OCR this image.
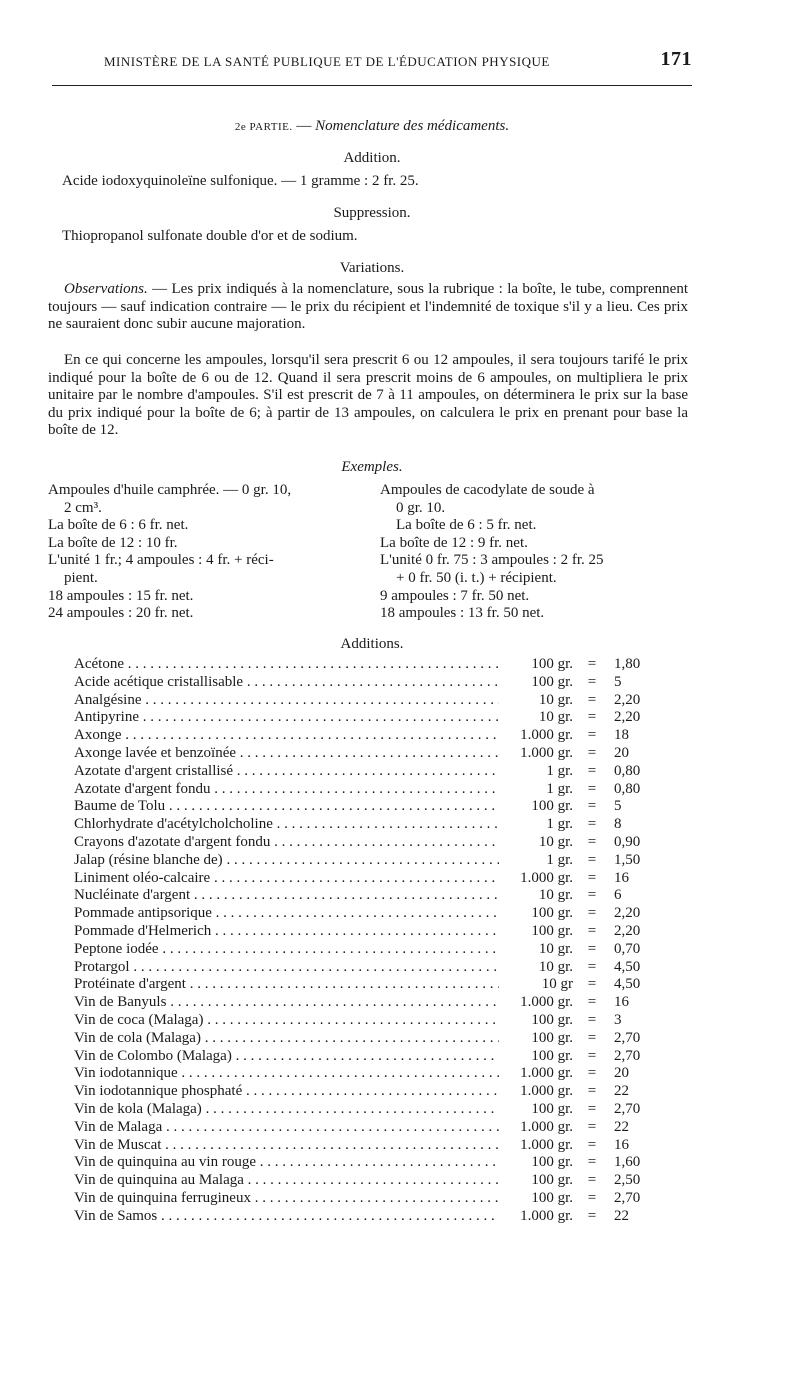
MINISTÈRE DE LA SANTÉ PUBLIQUE ET DE L'ÉDUCATION PHYSIQUE	171
2e PARTIE. — Nomenclature des médicaments.
Addition.
Acide iodoxyquinoleïne sulfonique. — 1 gramme : 2 fr. 25.
Suppression.
Thiopropanol sulfonate double d'or et de sodium.
Variations.
Observations. — Les prix indiqués à la nomenclature, sous la rubrique : la boîte, le tube, comprennent toujours — sauf indication contraire — le prix du récipient et l'indemnité de toxique s'il y a lieu. Ces prix ne sauraient donc subir aucune majoration.
En ce qui concerne les ampoules, lorsqu'il sera prescrit 6 ou 12 ampoules, il sera toujours tarifé le prix indiqué pour la boîte de 6 ou de 12. Quand il sera prescrit moins de 6 ampoules, on multipliera le prix unitaire par le nombre d'ampoules. S'il est prescrit de 7 à 11 ampoules, on déterminera le prix sur la base du prix indiqué pour la boîte de 6; à partir de 13 ampoules, on calculera le prix en prenant pour base la boîte de 12.
Exemples.
Ampoules d'huile camphrée. — 0 gr. 10,
2 cm³.
La boîte de 6 : 6 fr. net.
La boîte de 12 : 10 fr.
L'unité 1 fr.; 4 ampoules : 4 fr. + réci-
pient.
18 ampoules : 15 fr. net.
24 ampoules : 20 fr. net.
Ampoules de cacodylate de soude à
0 gr. 10.
La boîte de 6 : 5 fr. net.
La boîte de 12 : 9 fr. net.
L'unité 0 fr. 75 : 3 ampoules : 2 fr. 25
+ 0 fr. 50 (i. t.) + récipient.
9 ampoules : 7 fr. 50 net.
18 ampoules : 13 fr. 50 net.
Additions.
Acétone . . .	100 gr. =	1,80
Acide acétique cristallisable . . .	100 gr. =	5
Analgésine . . .	10 gr. =	2,20
Antipyrine . . .	10 gr. =	2,20
Axonge . . .	1.000 gr. =	18
Axonge lavée et benzoïnée . . .	1.000 gr. =	20
Azotate d'argent cristallisé . . .	1 gr. =	0,80
Azotate d'argent fondu . . .	1 gr. =	0,80
Baume de Tolu . . .	100 gr. =	5
Chlorhydrate d'acétylcholcholine . . .	1 gr. =	8
Crayons d'azotate d'argent fondu . . .	10 gr. =	0,90
Jalap (résine blanche de) . . .	1 gr. =	1,50
Liniment oléo-calcaire . . .	1.000 gr. =	16
Nucléinate d'argent . . .	10 gr. =	6
Pommade antipsorique . . .	100 gr. =	2,20
Pommade d'Helmerich . . .	100 gr. =	2,20
Peptone iodée . . .	10 gr. =	0,70
Protargol . . .	10 gr. =	4,50
Protéinate d'argent . . .	10 gr =	4,50
Vin de Banyuls . . .	1.000 gr. =	16
Vin de coca (Malaga) . . .	100 gr. =	3
Vin de cola (Malaga) . . .	100 gr. =	2,70
Vin de Colombo (Malaga) . . .	100 gr. =	2,70
Vin iodotannique . . .	1.000 gr. =	20
Vin iodotannique phosphaté . . .	1.000 gr. =	22
Vin de kola (Malaga) . . .	100 gr. =	2,70
Vin de Malaga . . .	1.000 gr. =	22
Vin de Muscat . . .	1.000 gr. =	16
Vin de quinquina au vin rouge . . .	100 gr. =	1,60
Vin de quinquina au Malaga . . .	100 gr. =	2,50
Vin de quinquina ferrugineux . . .	100 gr. =	2,70
Vin de Samos . . .	1.000 gr. =	22
